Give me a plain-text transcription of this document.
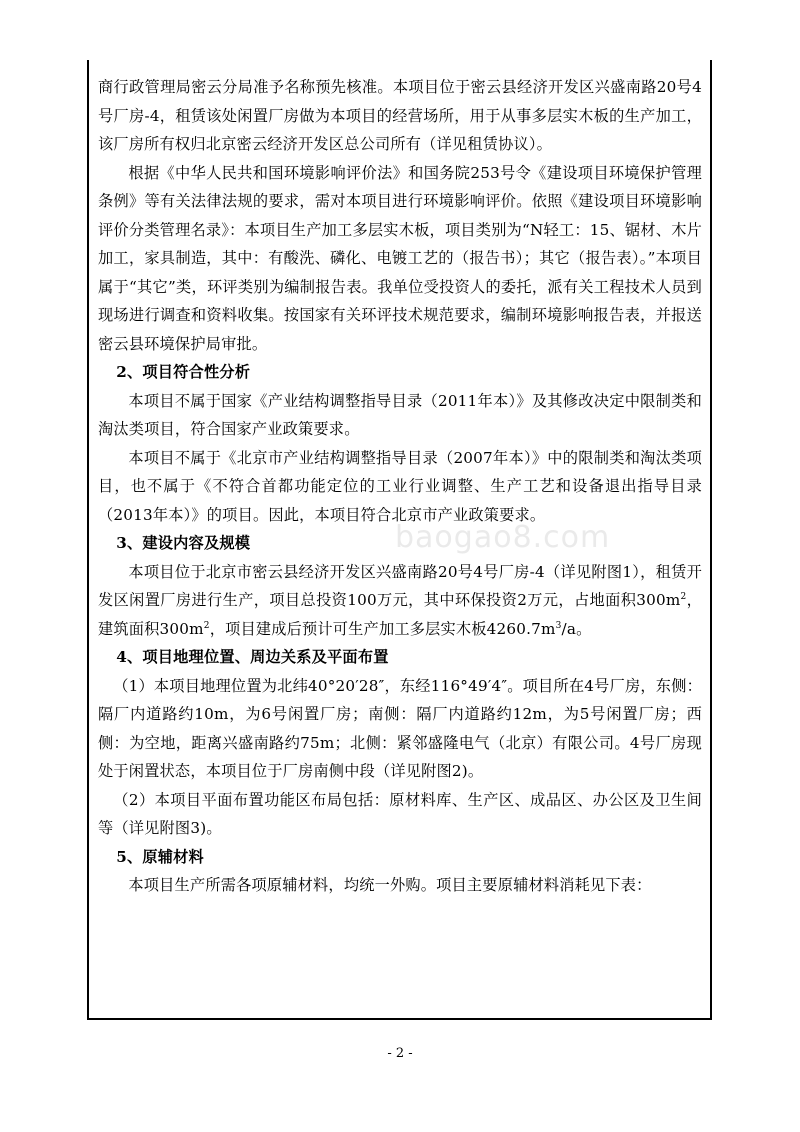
商行政管理局密云分局准予名称预先核准。本项目位于密云县经济开发区兴盛南路20号4号厂房-4，租赁该处闲置厂房做为本项目的经营场所，用于从事多层实木板的生产加工，该厂房所有权归北京密云经济开发区总公司所有（详见租赁协议）。

根据《中华人民共和国环境影响评价法》和国务院253号令《建设项目环境保护管理条例》等有关法律法规的要求，需对本项目进行环境影响评价。依照《建设项目环境影响评价分类管理名录》：本项目生产加工多层实木板，项目类别为“N轻工：15、锯材、木片加工，家具制造，其中：有酸洗、磷化、电镀工艺的（报告书）；其它（报告表）。”本项目属于“其它”类，环评类别为编制报告表。我单位受投资人的委托，派有关工程技术人员到现场进行调查和资料收集。按国家有关环评技术规范要求，编制环境影响报告表，并报送密云县环境保护局审批。

2、项目符合性分析

本项目不属于国家《产业结构调整指导目录（2011年本）》及其修改决定中限制类和淘汰类项目，符合国家产业政策要求。

本项目不属于《北京市产业结构调整指导目录（2007年本）》中的限制类和淘汰类项目，也不属于《不符合首都功能定位的工业行业调整、生产工艺和设备退出指导目录（2013年本）》的项目。因此，本项目符合北京市产业政策要求。

3、建设内容及规模

本项目位于北京市密云县经济开发区兴盛南路20号4号厂房-4（详见附图1），租赁开发区闲置厂房进行生产，项目总投资100万元，其中环保投资2万元，占地面积$300m^2$，建筑面积$300m^2$，项目建成后预计可生产加工多层实木板$4260.7m^3/a$。

4、项目地理位置、周边关系及平面布置

（1）本项目地理位置为北纬40°20′28″，东经116°49′4″。项目所在4号厂房，东侧：隔厂内道路约10m，为6号闲置厂房；南侧：隔厂内道路约12m，为5号闲置厂房；西侧：为空地，距离兴盛南路约75m；北侧：紧邻盛隆电气（北京）有限公司。4号厂房现处于闲置状态，本项目位于厂房南侧中段（详见附图2)。

（2）本项目平面布置功能区布局包括：原材料库、生产区、成品区、办公区及卫生间等（详见附图3)。

5、原辅材料

本项目生产所需各项原辅材料，均统一外购。项目主要原辅材料消耗见下表：

baogao8.com
- 2 -
